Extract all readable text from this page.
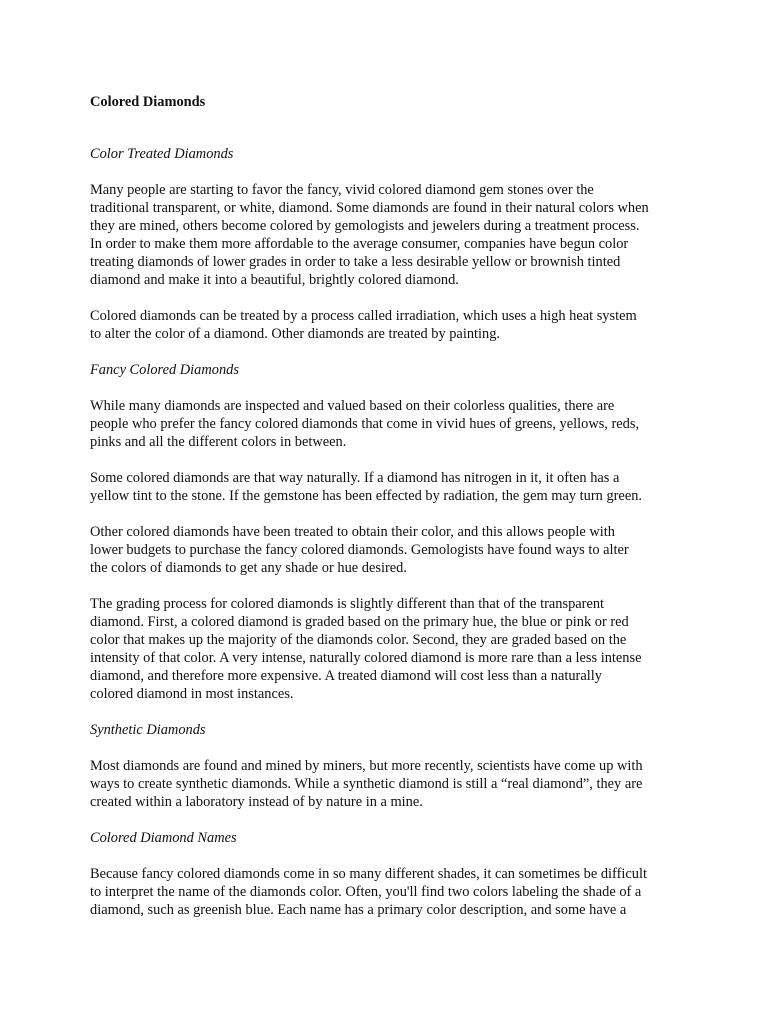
Colored Diamonds
Color Treated Diamonds
Many people are starting to favor the fancy, vivid colored diamond gem stones over the
traditional transparent, or white, diamond. Some diamonds are found in their natural colors when
they are mined, others become colored by gemologists and jewelers during a treatment process.
In order to make them more affordable to the average consumer, companies have begun color
treating diamonds of lower grades in order to take a less desirable yellow or brownish tinted
diamond and make it into a beautiful, brightly colored diamond.
Colored diamonds can be treated by a process called irradiation, which uses a high heat system
to alter the color of a diamond. Other diamonds are treated by painting.
Fancy Colored Diamonds
While many diamonds are inspected and valued based on their colorless qualities, there are
people who prefer the fancy colored diamonds that come in vivid hues of greens, yellows, reds,
pinks and all the different colors in between.
Some colored diamonds are that way naturally. If a diamond has nitrogen in it, it often has a
yellow tint to the stone. If the gemstone has been effected by radiation, the gem may turn green.
Other colored diamonds have been treated to obtain their color, and this allows people with
lower budgets to purchase the fancy colored diamonds. Gemologists have found ways to alter
the colors of diamonds to get any shade or hue desired.
The grading process for colored diamonds is slightly different than that of the transparent
diamond. First, a colored diamond is graded based on the primary hue, the blue or pink or red
color that makes up the majority of the diamonds color. Second, they are graded based on the
intensity of that color. A very intense, naturally colored diamond is more rare than a less intense
diamond, and therefore more expensive. A treated diamond will cost less than a naturally
colored diamond in most instances.
Synthetic Diamonds
Most diamonds are found and mined by miners, but more recently, scientists have come up with
ways to create synthetic diamonds. While a synthetic diamond is still a “real diamond”, they are
created within a laboratory instead of by nature in a mine.
Colored Diamond Names
Because fancy colored diamonds come in so many different shades, it can sometimes be difficult
to interpret the name of the diamonds color. Often, you'll find two colors labeling the shade of a
diamond, such as greenish blue. Each name has a primary color description, and some have a
